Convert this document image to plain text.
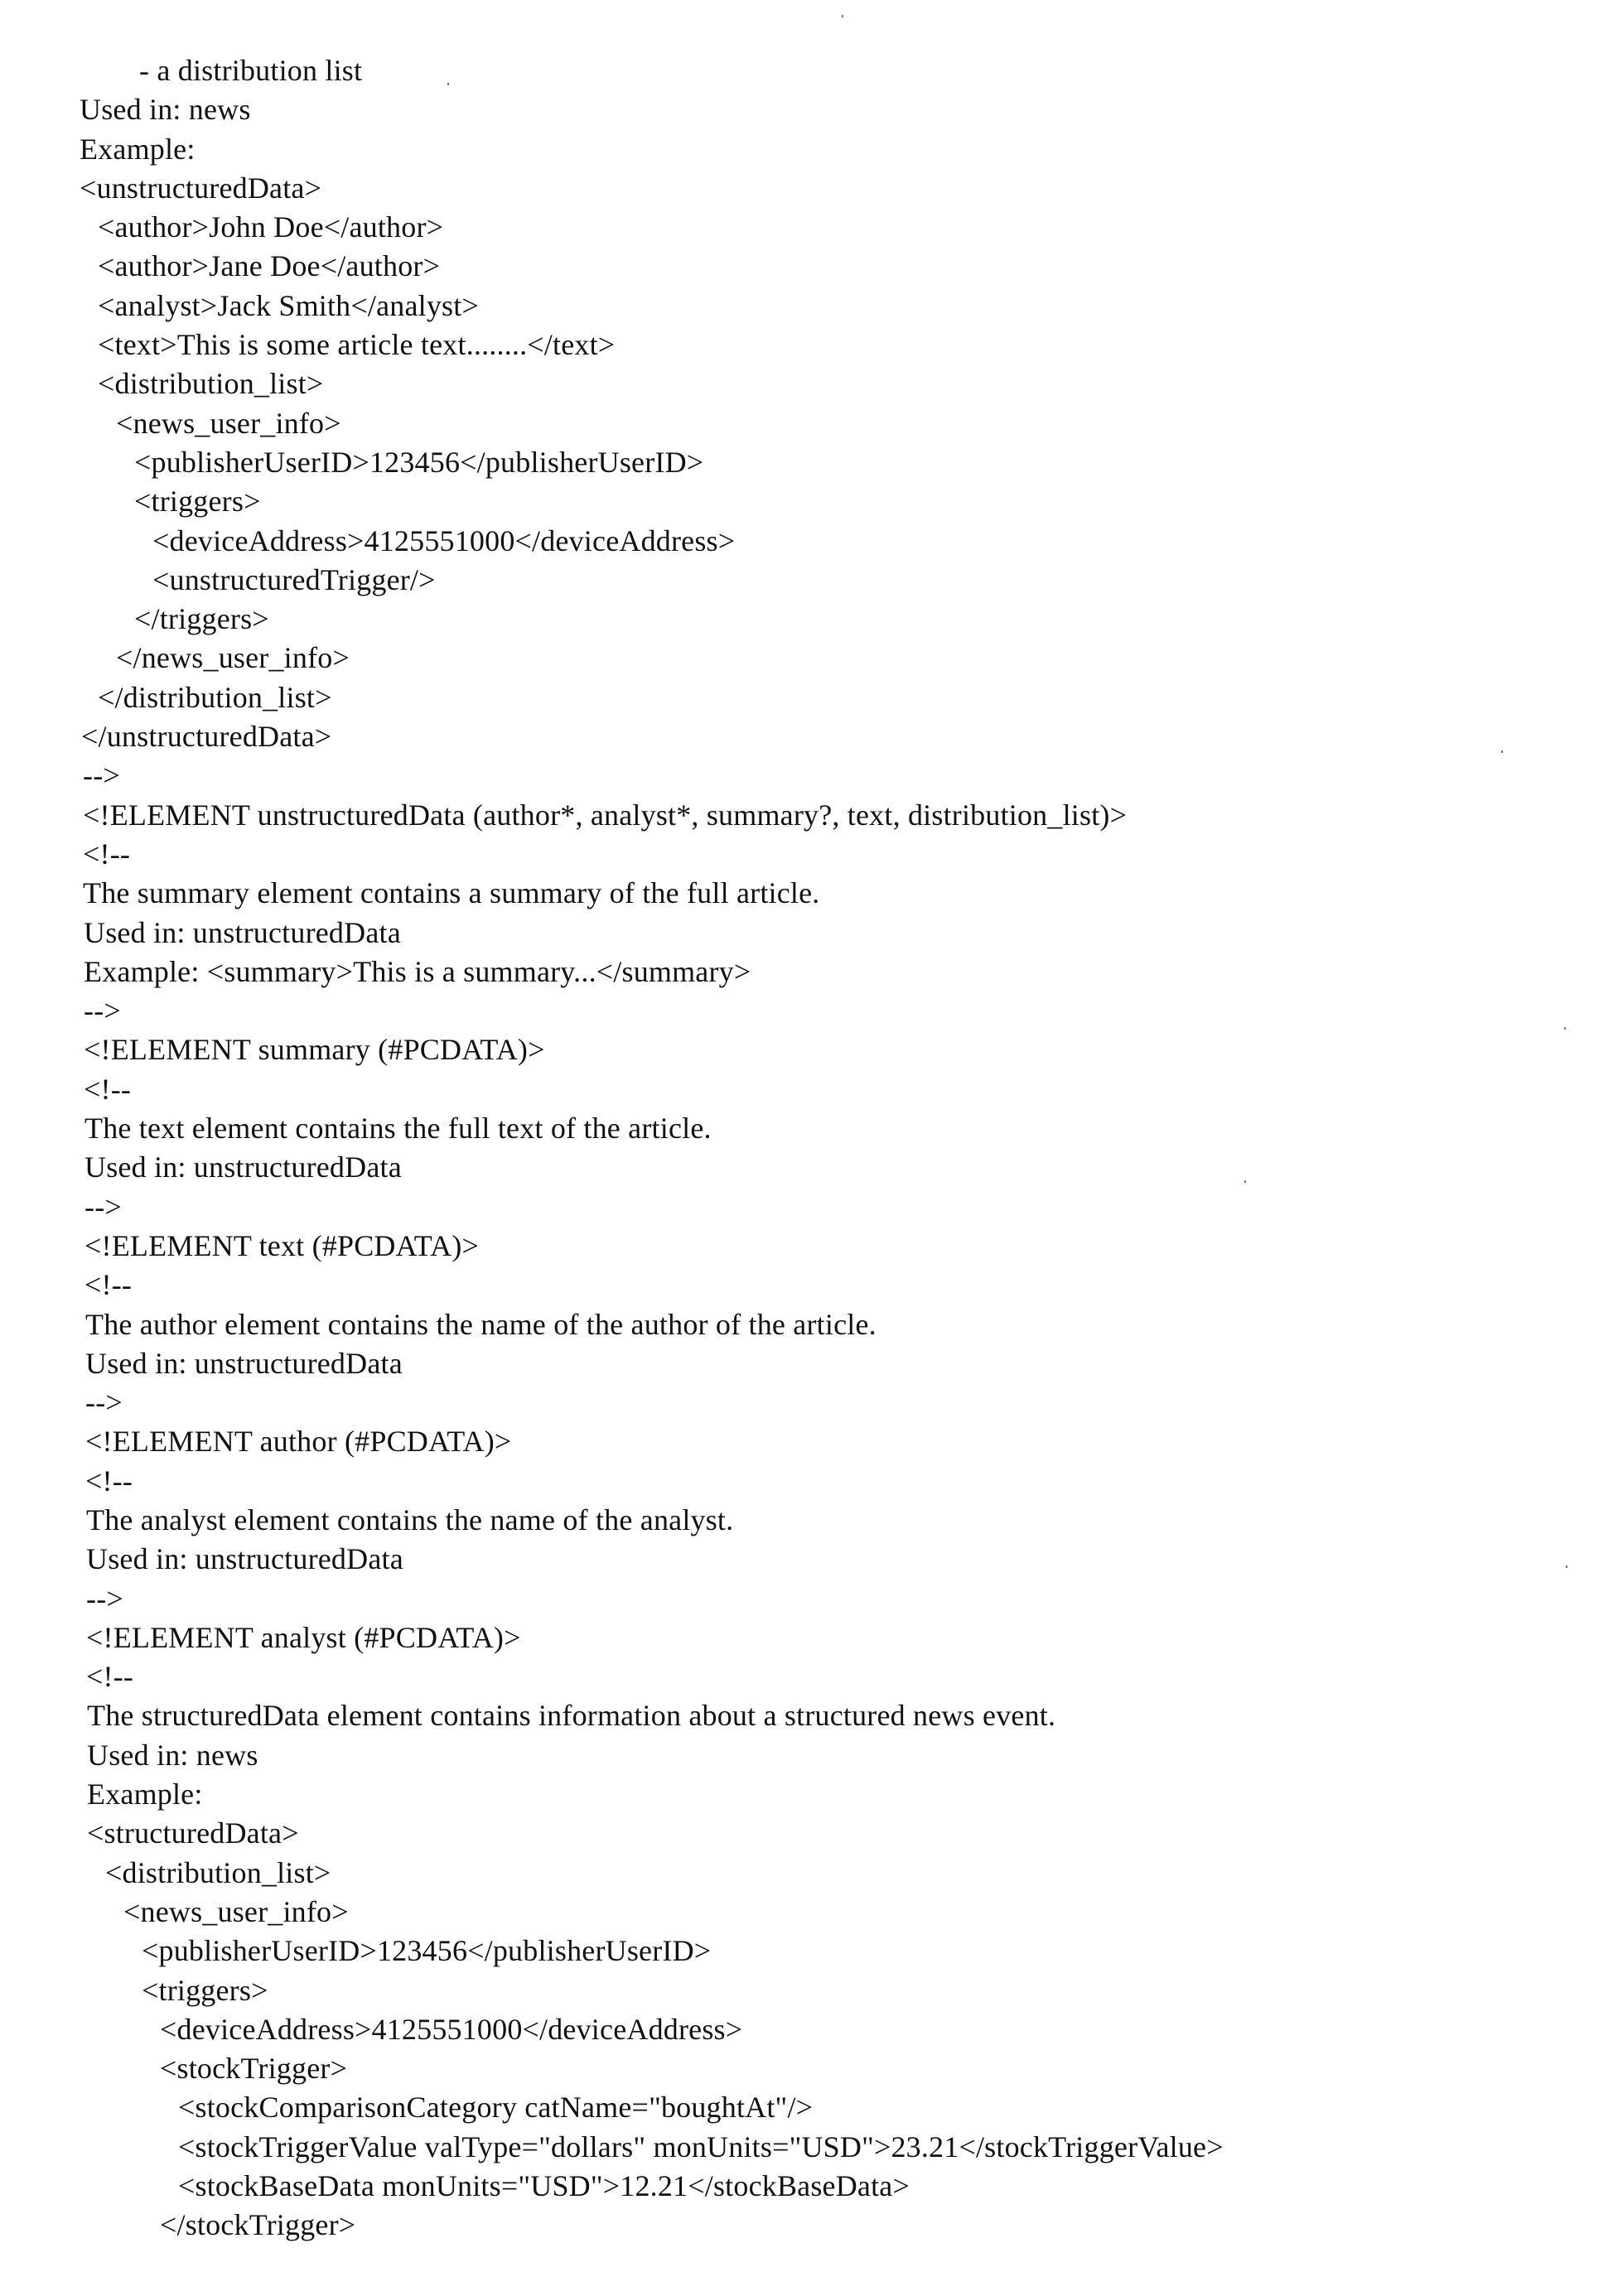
- a distribution list
Used in: news
Example:
<unstructuredData>
<author>John Doe</author>
<author>Jane Doe</author>
<analyst>Jack Smith</analyst>
<text>This is some article text........</text>
<distribution_list>
<news_user_info>
<publisherUserID>123456</publisherUserID>
<triggers>
<deviceAddress>4125551000</deviceAddress>
<unstructuredTrigger/>
</triggers>
</news_user_info>
</distribution_list>
</unstructuredData>
-->
<!ELEMENT unstructuredData (author*, analyst*, summary?, text, distribution_list)>
<!--
The summary element contains a summary of the full article.
Used in: unstructuredData
Example: <summary>This is a summary...</summary>
-->
<!ELEMENT summary (#PCDATA)>
<!--
The text element contains the full text of the article.
Used in: unstructuredData
-->
<!ELEMENT text (#PCDATA)>
<!--
The author element contains the name of the author of the article.
Used in: unstructuredData
-->
<!ELEMENT author (#PCDATA)>
<!--
The analyst element contains the name of the analyst.
Used in: unstructuredData
-->
<!ELEMENT analyst (#PCDATA)>
<!--
The structuredData element contains information about a structured news event.
Used in: news
Example:
<structuredData>
<distribution_list>
<news_user_info>
<publisherUserID>123456</publisherUserID>
<triggers>
<deviceAddress>4125551000</deviceAddress>
<stockTrigger>
<stockComparisonCategory catName="boughtAt"/>
<stockTriggerValue valType="dollars" monUnits="USD">23.21</stockTriggerValue>
<stockBaseData monUnits="USD">12.21</stockBaseData>
</stockTrigger>
